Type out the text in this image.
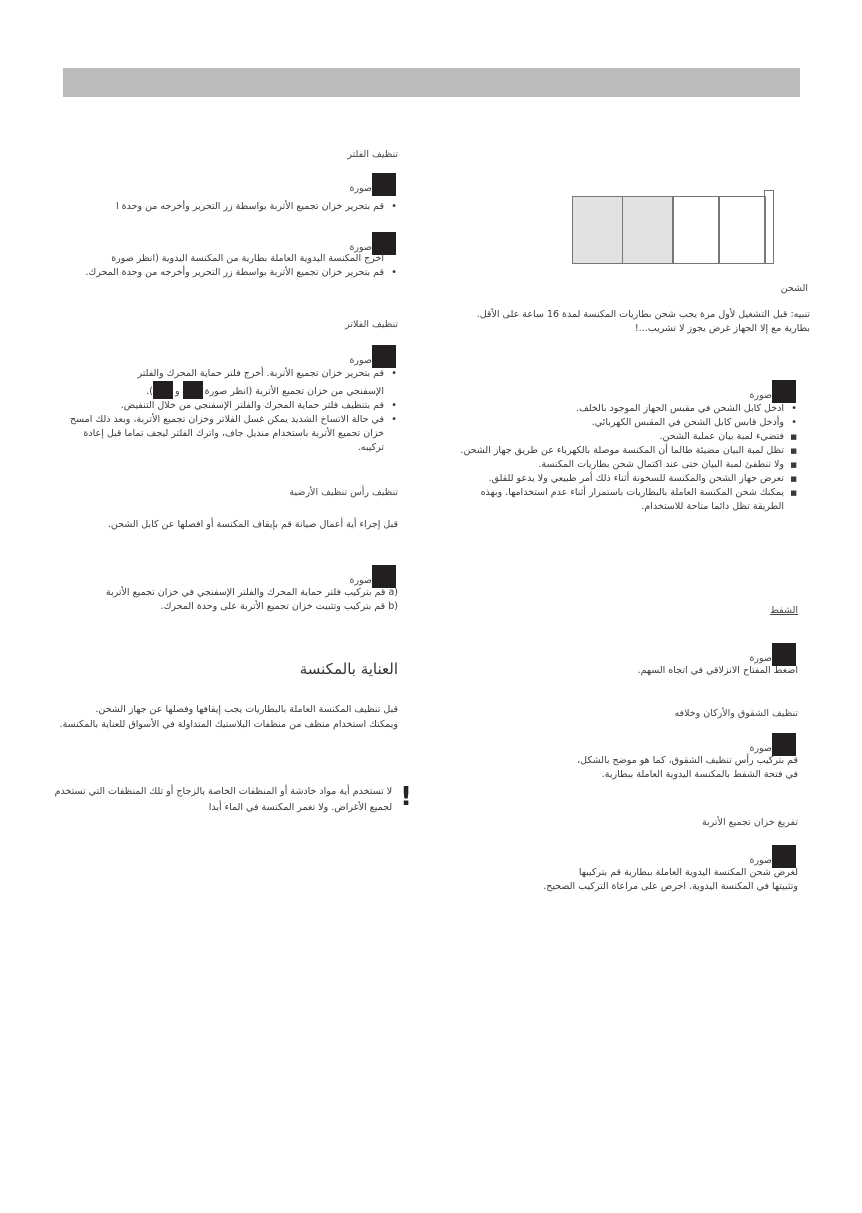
تنظيف الفلتر
صورة
• قم بتحرير خزان تجميع الأتربة بواسطة زر التحرير وأخرجه من وحدة ا
صورة
• أخرج المكنسة اليدوية العاملة بطارية من المكنسة اليدوية (انظر صورة
• قم بتحرير خزان تجميع الأتربة بواسطة زر التحرير وأخرجه من وحدة المحرك.
تنظيف الفلاتر
صورة
• قم بتحرير خزان تجميع الأتربة. أخرج فلتر حماية المحرك والفلتر
الإسفنجي من خزان تجميع الأتربة (انظر صورة و).
• قم بتنظيف فلتر حماية المحرك والفلتر الإسفنجي من خلال التنفيض.
• في حالة الاتساخ الشديد يمكن غسل الفلاتر وخزان تجميع الأتربة، وبعد ذلك امسح خزان تجميع الأتربة باستخدام منديل جاف، واترك الفلتر ليجف تماما قبل إعادة تركيبه.
تنظيف رأس تنظيف الأرضية
قبل إجراء أية أعمال صيانة قم بإيقاف المكنسة أو افصلها عن كابل الشحن.
صورة
a) قم بتركيب فلتر حماية المحرك والفلتر الإسفنجي في خزان تجميع الأتربة
b) قم بتركيب وتثبيت خزان تجميع الأتربة على وحدة المحرك.
العناية بالمكنسة
قبل تنظيف المكنسة العاملة بالبطاريات يجب إيقافها وفصلها عن جهاز الشحن.
ويمكنك استخدام منظف من منظفات البلاستيك المتداولة في الأسواق للعناية بالمكنسة.
!
لا تستخدم أية مواد خادشة أو المنظفات الخاصة بالزجاج أو تلك المنظفات التي تستخدم لجميع الأغراض. ولا تغمر المكنسة في الماء أبدا
الشحن
تنبيه: قبل التشغيل لأول مرة يجب شحن بطاريات المكنسة لمدة 16 ساعة على الأقل.
بطارية مع إلا الجهاز غرض يجوز لا تشريب...!
صورة
• ادخل كابل الشحن في مقبس الجهاز الموجود بالخلف.
• وأدخل قابس كابل الشحن في المقبس الكهربائي.
■ فتضيء لمبة بيان عملية الشحن.
■ تظل لمبة البيان مضيئة طالما أن المكنسة موصلة بالكهرباء عن طريق جهاز الشحن.
■ ولا تنطفئ لمبة البيان حتى عند اكتمال شحن بطاريات المكنسة.
■ تعرض جهاز الشحن والمكنسة للسخونة أثناء ذلك أمر طبيعي ولا يدعو للقلق.
■ يمكنك شحن المكنسة العاملة بالبطاريات باستمرار أثناء عدم استخدامها. وبهذه الطريقة تظل دائما متاحة للاستخدام.
الشفط
صورة
اضغط المفتاح الانزلاقي في اتجاه السهم.
تنظيف الشقوق والأركان وخلافه
صورة
قم بتركيب رأس تنظيف الشقوق، كما هو موضح بالشكل،
في فتحة الشفط بالمكنسة اليدوية العاملة ببطارية.
تفريغ خزان تجميع الأتربة
صورة
لغرض شحن المكنسة اليدوية العاملة ببطارية قم بتركيبها
وتثبيتها في المكنسة اليدوية. احرص على مراعاة التركيب الصحيح.
